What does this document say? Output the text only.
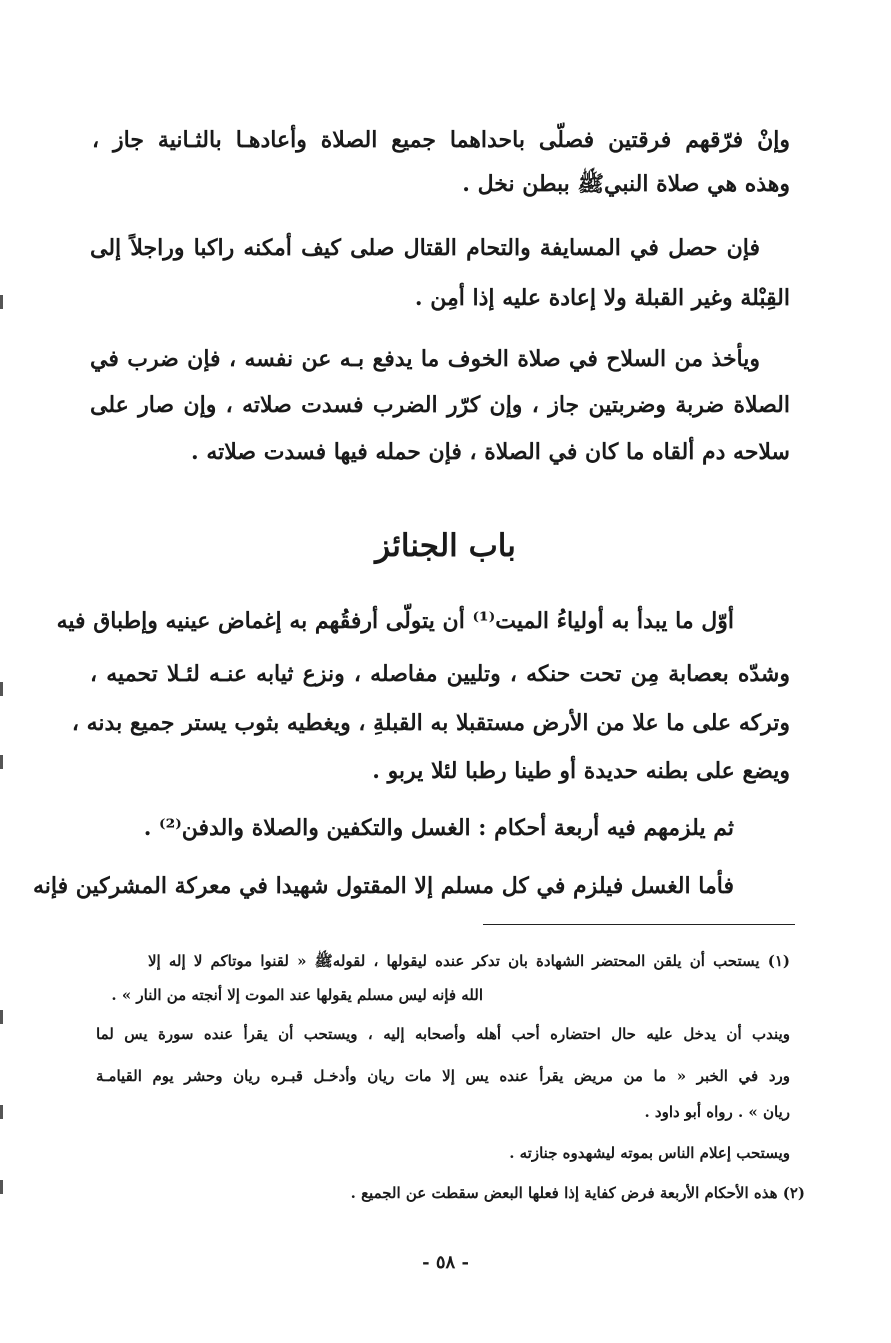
وإنْ فرّقهم فرقتين فصلّى باحداهما جميع الصلاة وأعادهـا بالثـانية جاز ،
وهذه هي صلاة النبيﷺ ببطن نخل .
فإن حصل في المسايفة والتحام القتال صلى كيف أمكنه راكبا وراجلاً إلى
القِبْلة وغير القبلة ولا إعادة عليه إذا أمِن .
ويأخذ من السلاح في صلاة الخوف ما يدفع بـه عن نفسه ، فإن ضرب في
الصلاة ضربة وضربتين جاز ، وإن كرّر الضرب فسدت صلاته ، وإن صار على
سلاحه دم ألقاه ما كان في الصلاة ، فإن حمله فيها فسدت صلاته .
باب الجنائز
أوّل ما يبدأ به أولياءُ الميت⁽¹⁾ أن يتولّى أرفقُهم به إغماض عينيه وإطباق فيه
وشدّه بعصابة مِن تحت حنكه ، وتليين مفاصله ، ونزع ثيابه عنـه لئـلا تحميه ،
وتركه على ما علا من الأرض مستقبلا به القبلةِ ، ويغطيه بثوب يستر جميع بدنه ،
ويضع على بطنه حديدة أو طينا رطبا لئلا يربو .
ثم يلزمهم فيه أربعة أحكام : الغسل والتكفين والصلاة والدفن⁽²⁾ .
فأما الغسل فيلزم في كل مسلم إلا المقتول شهيدا في معركة المشركين فإنه
(١) يستحب أن يلقن المحتضر الشهادة بان تدكر عنده ليقولها ، لقولهﷺ « لقنوا موتاكم لا إله إلا
الله فإنه ليس مسلم يقولها عند الموت إلا أنجته من النار » .
ويندب أن يدخل عليه حال احتضاره أحب أهله وأصحابه إليه ، ويستحب أن يقرأ عنده سورة يس لما
ورد في الخبر « ما من مريض يقرأ عنده يس إلا مات ريان وأدخـل قبـره ريان وحشر يوم القيامـة
ريان » . رواه أبو داود .
ويستحب إعلام الناس بموته ليشهدوه جنازته .
(٢) هذه الأحكام الأربعة فرض كفاية إذا فعلها البعض سقطت عن الجميع .
- ٥٨ -
